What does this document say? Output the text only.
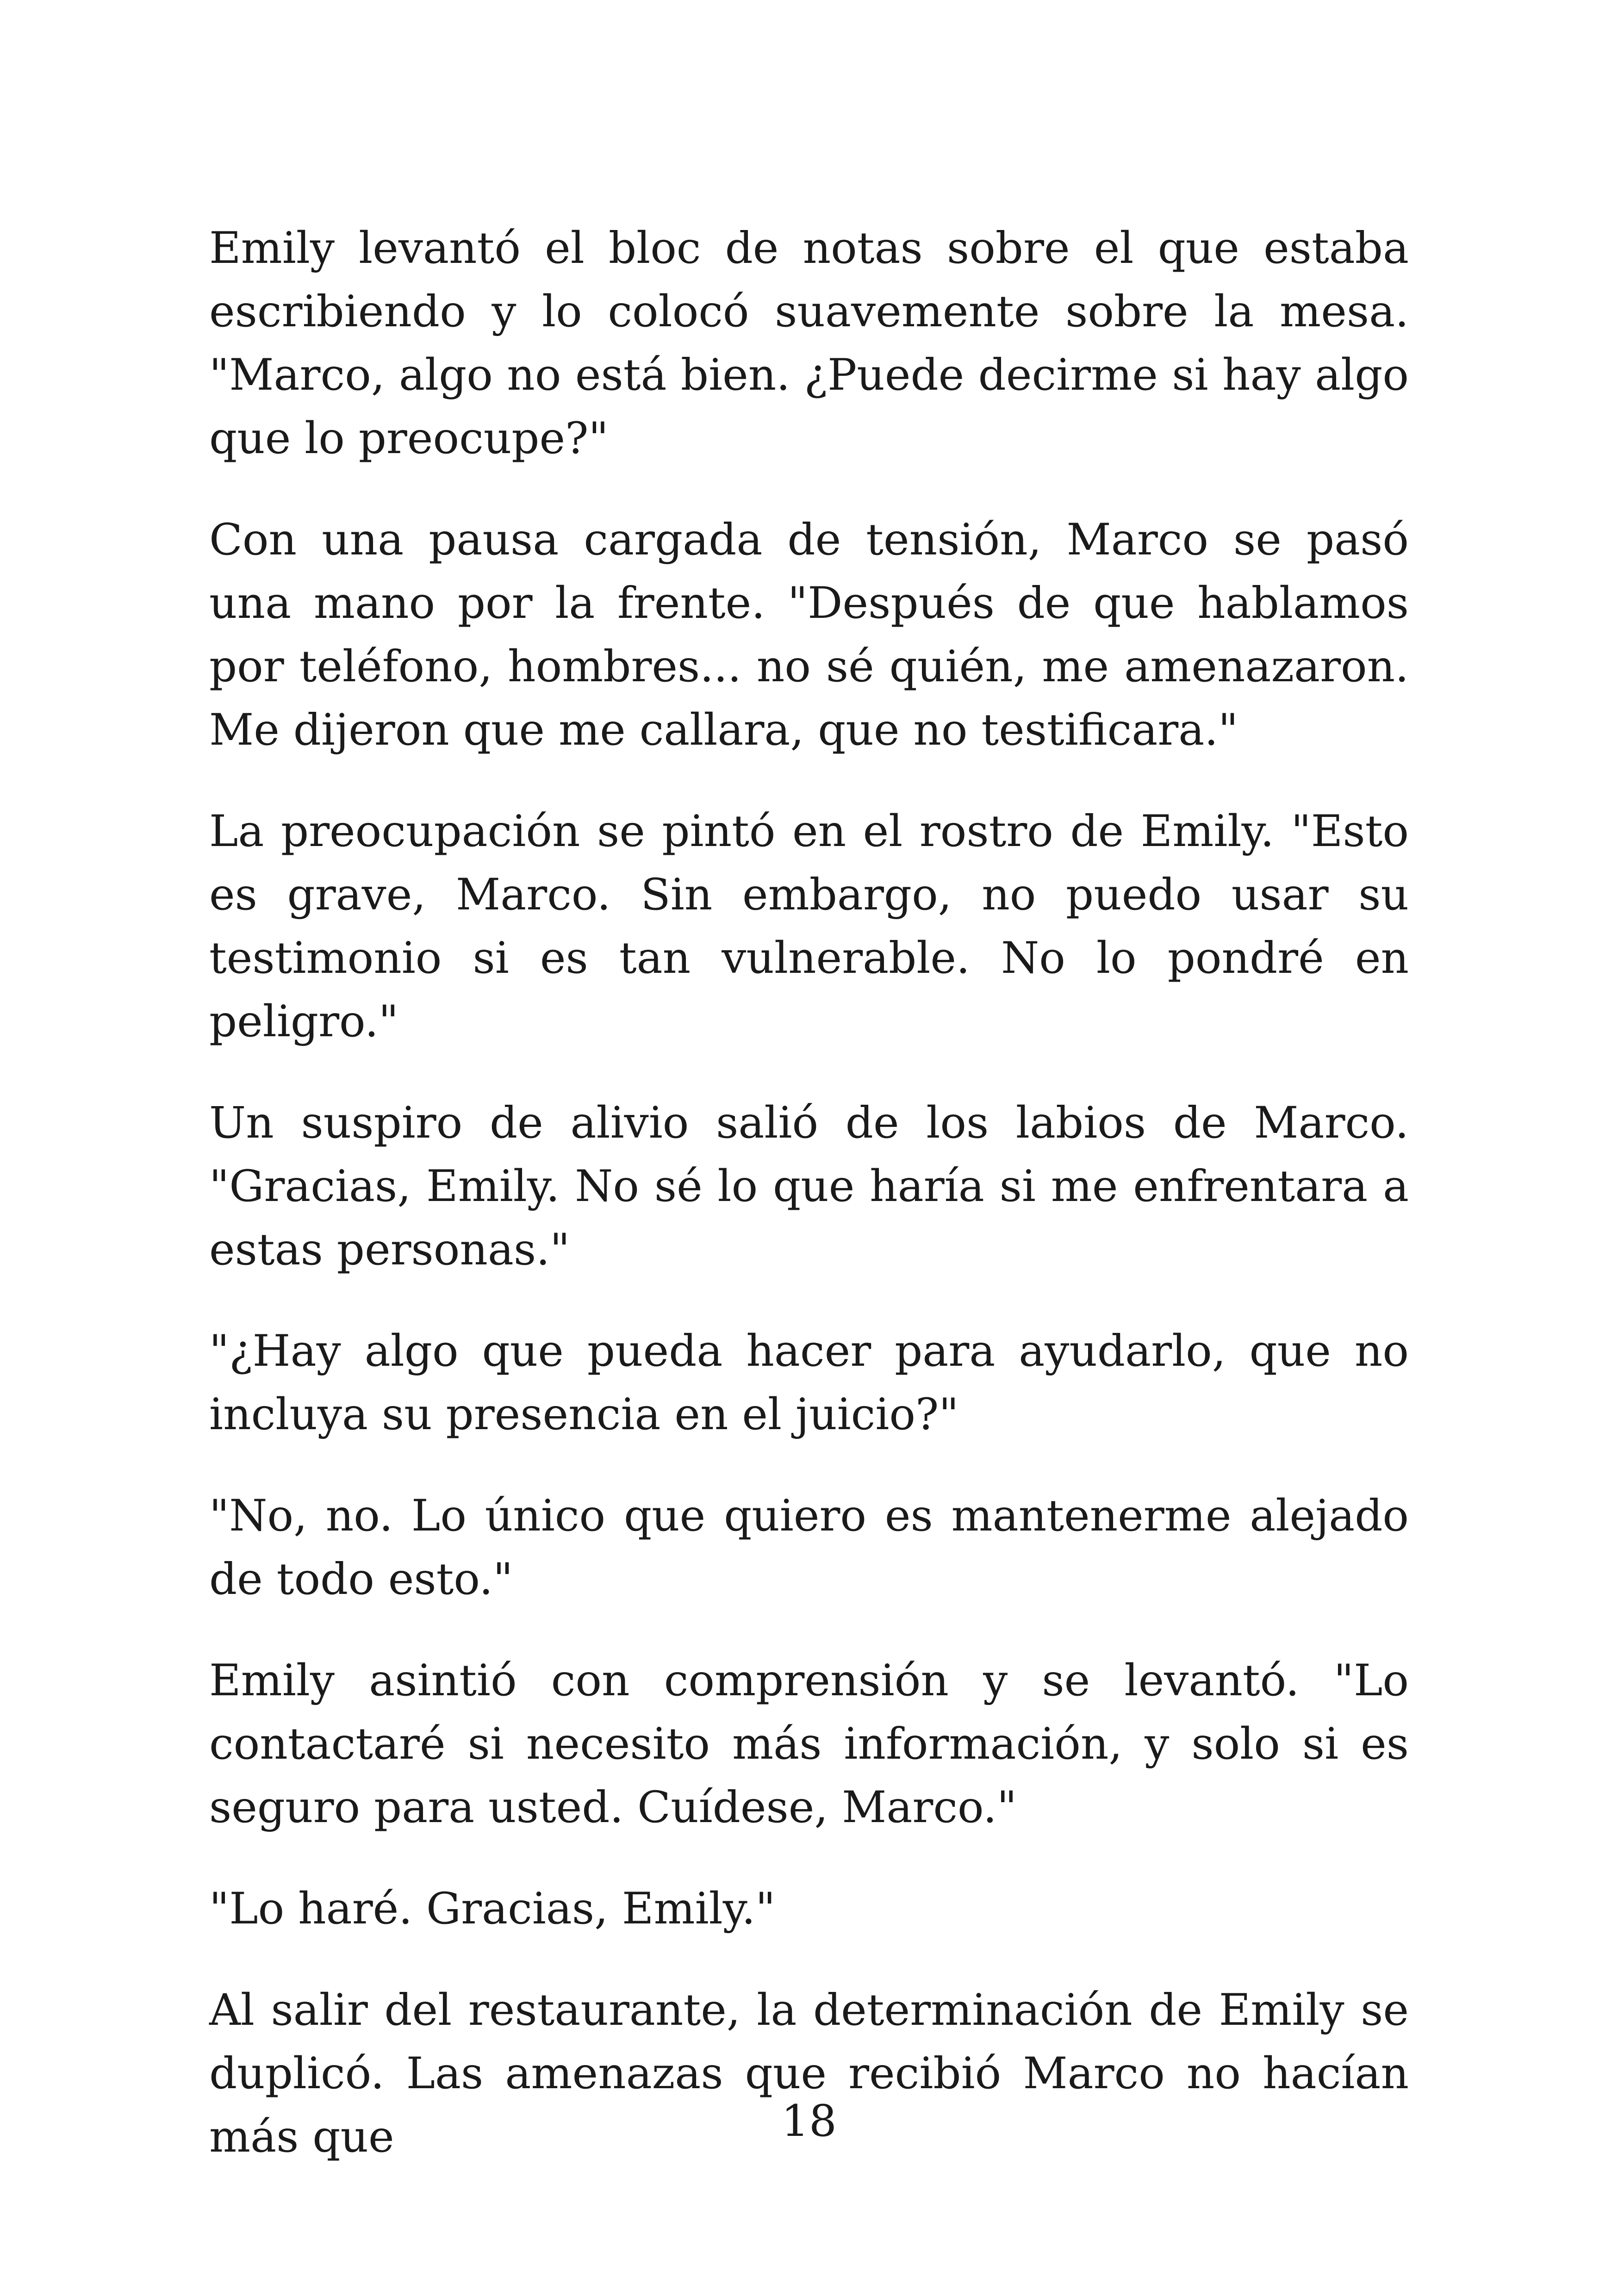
Emily levantó el bloc de notas sobre el que estaba escribiendo y lo colocó suavemente sobre la mesa. "Marco, algo no está bien. ¿Puede decirme si hay algo que lo preocupe?"

Con una pausa cargada de tensión, Marco se pasó una mano por la frente. "Después de que hablamos por teléfono, hombres... no sé quién, me amenazaron. Me dijeron que me callara, que no testificara."

La preocupación se pintó en el rostro de Emily. "Esto es grave, Marco. Sin embargo, no puedo usar su testimonio si es tan vulnerable. No lo pondré en peligro."

Un suspiro de alivio salió de los labios de Marco. "Gracias, Emily. No sé lo que haría si me enfrentara a estas personas."

"¿Hay algo que pueda hacer para ayudarlo, que no incluya su presencia en el juicio?"

"No, no. Lo único que quiero es mantenerme alejado de todo esto."

Emily asintió con comprensión y se levantó. "Lo contactaré si necesito más información, y solo si es seguro para usted. Cuídese, Marco."

"Lo haré. Gracias, Emily."

Al salir del restaurante, la determinación de Emily se duplicó. Las amenazas que recibió Marco no hacían más que	18
